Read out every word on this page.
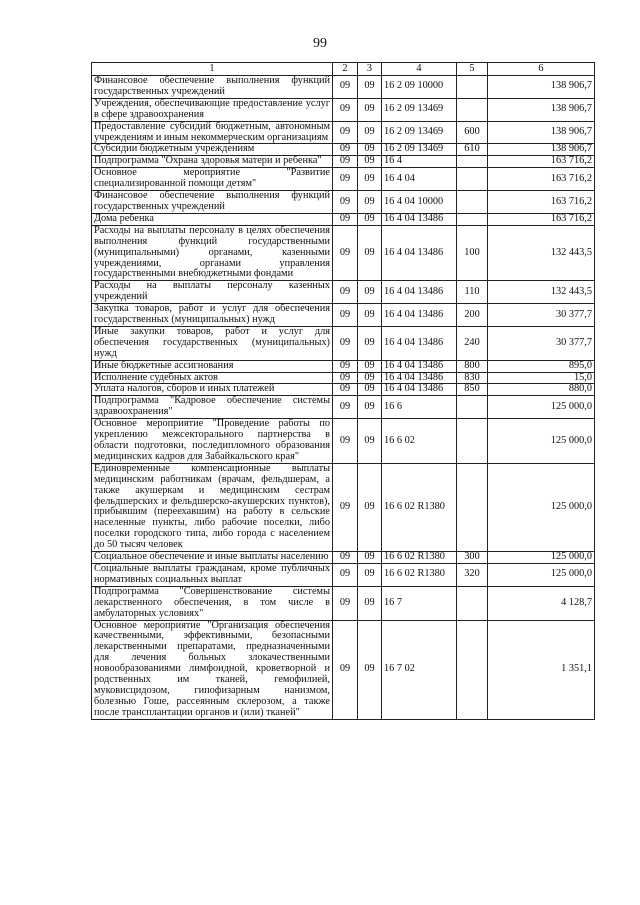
99
1	2	3	4	5	6
Финансовое обеспечение выполнения функций государственных учреждений	09	09	16 2 09 10000		138 906,7
Учреждения, обеспечивающие предоставление услуг в сфере здравоохранения	09	09	16 2 09 13469		138 906,7
Предоставление субсидий бюджетным, автономным учреждениям и иным некоммерческим организациям	09	09	16 2 09 13469	600	138 906,7
Субсидии бюджетным учреждениям	09	09	16 2 09 13469	610	138 906,7
Подпрограмма "Охрана здоровья матери и ребенка"	09	09	16 4		163 716,2
Основное мероприятие "Развитие специализированной помощи детям"	09	09	16 4 04		163 716,2
Финансовое обеспечение выполнения функций государственных учреждений	09	09	16 4 04 10000		163 716,2
Дома ребенка	09	09	16 4 04 13486		163 716,2
Расходы на выплаты персоналу в целях обеспечения выполнения функций государственными (муниципальными) органами, казенными учреждениями, органами управления государственными внебюджетными фондами	09	09	16 4 04 13486	100	132 443,5
Расходы на выплаты персоналу казенных учреждений	09	09	16 4 04 13486	110	132 443,5
Закупка товаров, работ и услуг для обеспечения государственных (муниципальных) нужд	09	09	16 4 04 13486	200	30 377,7
Иные закупки товаров, работ и услуг для обеспечения государственных (муниципальных) нужд	09	09	16 4 04 13486	240	30 377,7
Иные бюджетные ассигнования	09	09	16 4 04 13486	800	895,0
Исполнение судебных актов	09	09	16 4 04 13486	830	15,0
Уплата налогов, сборов и иных платежей	09	09	16 4 04 13486	850	880,0
Подпрограмма "Кадровое обеспечение системы здравоохранения"	09	09	16 6		125 000,0
Основное мероприятие "Проведение работы по укреплению межсекторального партнерства в области подготовки, последипломного образования медицинских кадров для Забайкальского края"	09	09	16 6 02		125 000,0
Единовременные компенсационные выплаты медицинским работникам (врачам, фельдшерам, а также акушеркам и медицинским сестрам фельдшерских и фельдшерско-акушерских пунктов), прибывшим (переехавшим) на работу в сельские населенные пункты, либо рабочие поселки, либо поселки городского типа, либо города с населением до 50 тысяч человек	09	09	16 6 02 R1380		125 000,0
Социальное обеспечение и иные выплаты населению	09	09	16 6 02 R1380	300	125 000,0
Социальные выплаты гражданам, кроме публичных нормативных социальных выплат	09	09	16 6 02 R1380	320	125 000,0
Подпрограмма "Совершенствование системы лекарственного обеспечения, в том числе в амбулаторных условиях"	09	09	16 7		4 128,7
Основное мероприятие "Организация обеспечения качественными, эффективными, безопасными лекарственными препаратами, предназначенными для лечения больных злокачественными новообразованиями лимфоидной, кроветворной и родственных им тканей, гемофилией, муковисцидозом, гипофизарным нанизмом, болезнью Гоше, рассеянным склерозом, а также после трансплантации органов и (или) тканей"	09	09	16 7 02		1 351,1
